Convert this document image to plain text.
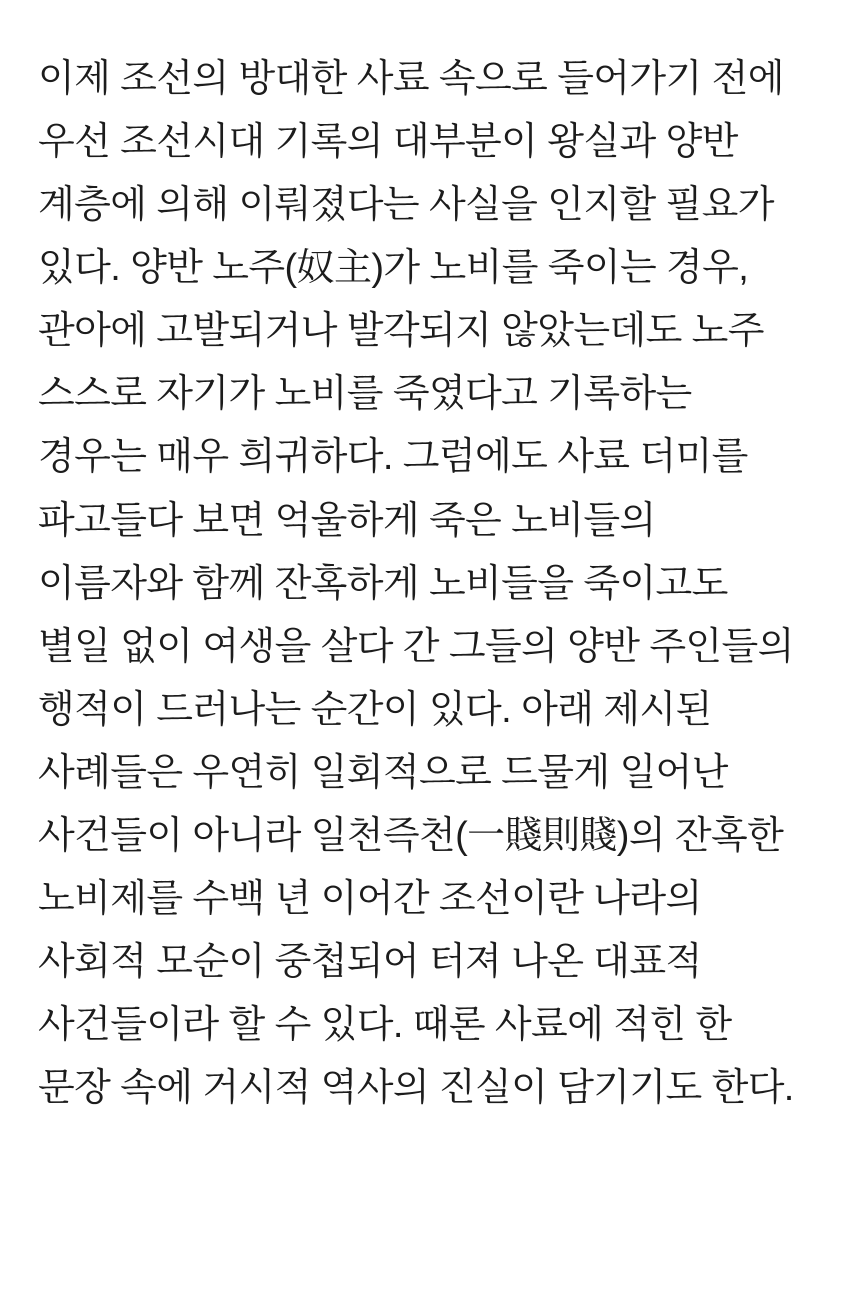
이제 조선의 방대한 사료 속으로 들어가기 전에 우선 조선시대 기록의 대부분이 왕실과 양반 계층에 의해 이뤄졌다는 사실을 인지할 필요가 있다. 양반 노주(奴主)가 노비를 죽이는 경우, 관아에 고발되거나 발각되지 않았는데도 노주 스스로 자기가 노비를 죽였다고 기록하는 경우는 매우 희귀하다. 그럼에도 사료 더미를 파고들다 보면 억울하게 죽은 노비들의 이름자와 함께 잔혹하게 노비들을 죽이고도 별일 없이 여생을 살다 간 그들의 양반 주인들의 행적이 드러나는 순간이 있다. 아래 제시된 사례들은 우연히 일회적으로 드물게 일어난 사건들이 아니라 일천즉천(一賤則賤)의 잔혹한 노비제를 수백 년 이어간 조선이란 나라의 사회적 모순이 중첩되어 터져 나온 대표적 사건들이라 할 수 있다. 때론 사료에 적힌 한 문장 속에 거시적 역사의 진실이 담기기도 한다.
